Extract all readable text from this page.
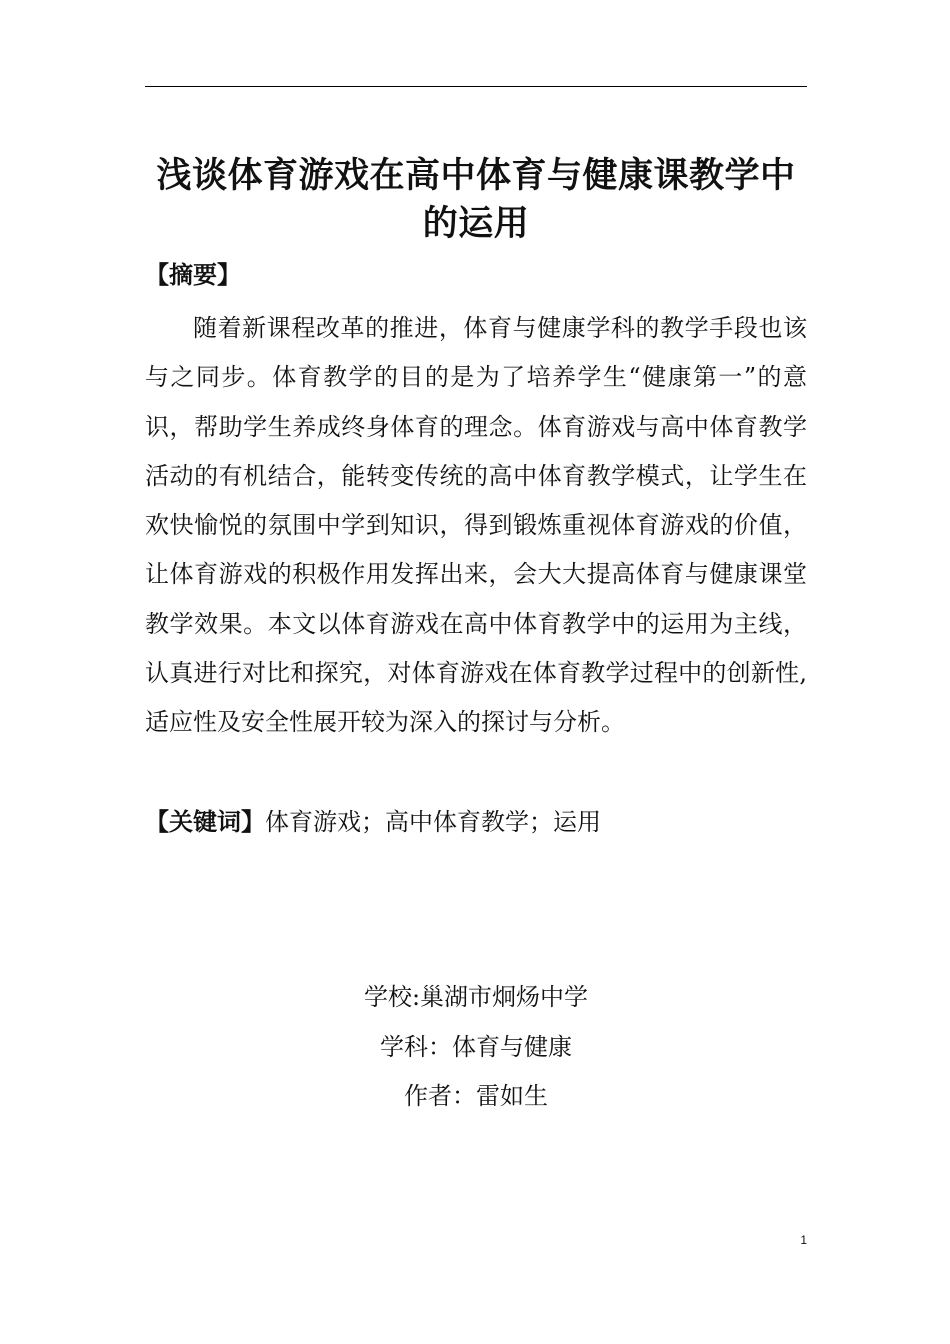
浅谈体育游戏在高中体育与健康课教学中的运用
【摘要】

随着新课程改革的推进，体育与健康学科的教学手段也该与之同步。体育教学的目的是为了培养学生“健康第一”的意识，帮助学生养成终身体育的理念。体育游戏与高中体育教学活动的有机结合，能转变传统的高中体育教学模式，让学生在欢快愉悦的氛围中学到知识，得到锻炼重视体育游戏的价值，让体育游戏的积极作用发挥出来，会大大提高体育与健康课堂教学效果。本文以体育游戏在高中体育教学中的运用为主线，认真进行对比和探究，对体育游戏在体育教学过程中的创新性,适应性及安全性展开较为深入的探讨与分析。

【关键词】体育游戏；高中体育教学；运用

学校:巢湖市炯炀中学

学科：体育与健康

作者：雷如生

1
